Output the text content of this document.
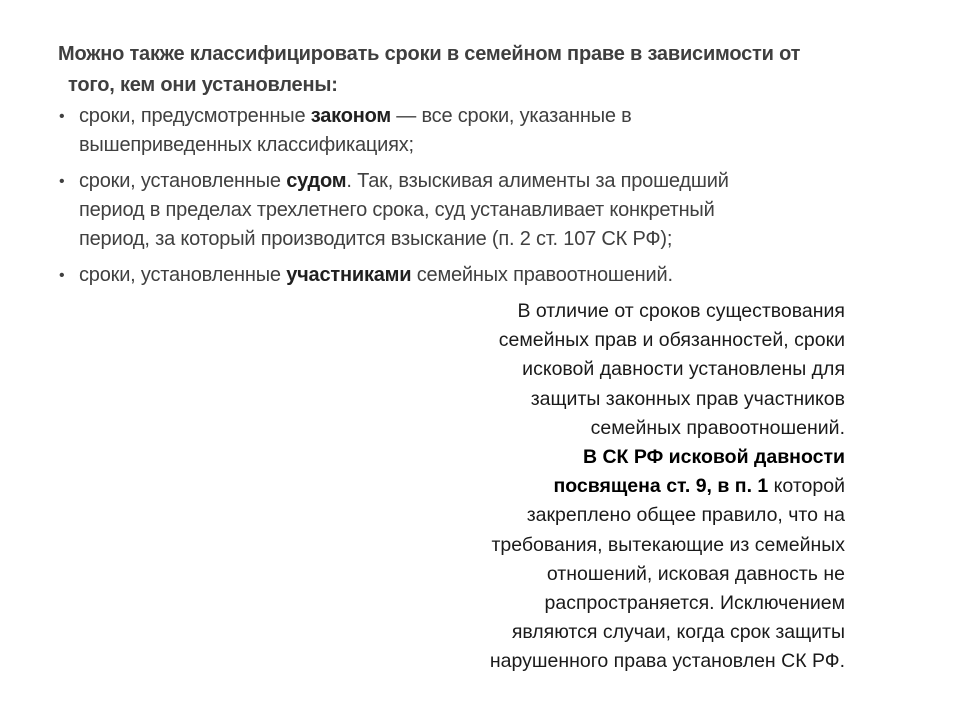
Можно также классифицировать сроки в семейном праве в зависимости от
того, кем они установлены:
• сроки, предусмотренные законом — все сроки, указанные в
вышеприведенных классификациях;
• сроки, установленные судом. Так, взыскивая алименты за прошедший
период в пределах трехлетнего срока, суд устанавливает конкретный
период, за который производится взыскание (п. 2 ст. 107 СК РФ);
• сроки, установленные участниками семейных правоотношений.
В отличие от сроков существования
семейных прав и обязанностей, сроки
исковой давности установлены для
защиты законных прав участников
семейных правоотношений.
В СК РФ исковой давности
посвящена ст. 9, в п. 1 которой
закреплено общее правило, что на
требования, вытекающие из семейных
отношений, исковая давность не
распространяется. Исключением
являются случаи, когда срок защиты
нарушенного права установлен СК РФ.
